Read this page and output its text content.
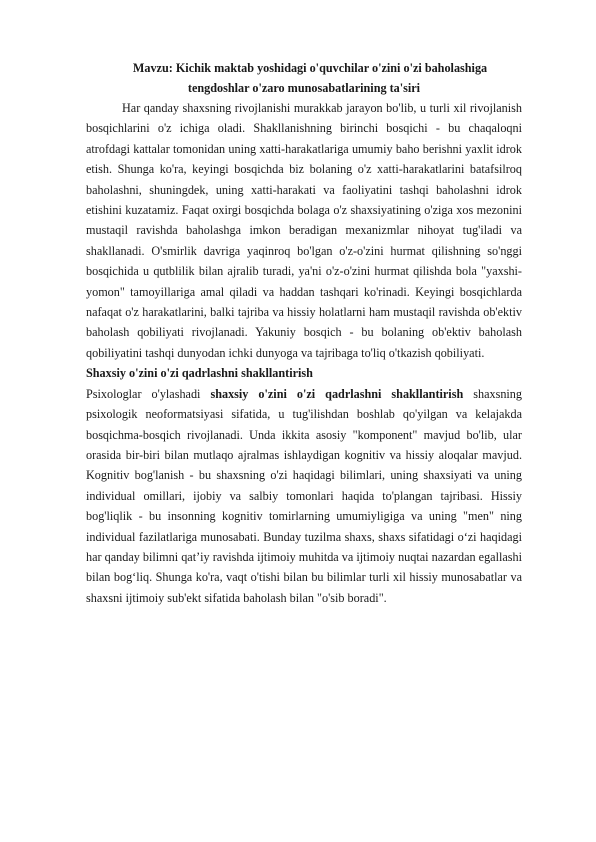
Mavzu: Kichik maktab yoshidagi o'quvchilar o'zini o'zi baholashiga
tengdoshlar o'zaro munosabatlarining ta'siri

Har qanday shaxsning rivojlanishi murakkab jarayon bo'lib, u turli xil rivojlanish bosqichlarini o'z ichiga oladi. Shakllanishning birinchi bosqichi - bu chaqaloqni atrofdagi kattalar tomonidan uning xatti-harakatlariga umumiy baho berishni yaxlit idrok etish. Shunga ko'ra, keyingi bosqichda biz bolaning o'z xatti-harakatlarini batafsilroq baholashni, shuningdek, uning xatti-harakati va faoliyatini tashqi baholashni idrok etishini kuzatamiz. Faqat oxirgi bosqichda bolaga o'z shaxsiyatining o'ziga xos mezonini mustaqil ravishda baholashga imkon beradigan mexanizmlar nihoyat tug'iladi va shakllanadi. O'smirlik davriga yaqinroq bo'lgan o'z-o'zini hurmat qilishning so'nggi bosqichida u qutblilik bilan ajralib turadi, ya'ni o'z-o'zini hurmat qilishda bola "yaxshi-yomon" tamoyillariga amal qiladi va haddan tashqari ko'rinadi. Keyingi bosqichlarda nafaqat o'z harakatlarini, balki tajriba va hissiy holatlarni ham mustaqil ravishda ob'ektiv baholash qobiliyati rivojlanadi. Yakuniy bosqich - bu bolaning ob'ektiv baholash qobiliyatini tashqi dunyodan ichki dunyoga va tajribaga to'liq o'tkazish qobiliyati.

Shaxsiy o'zini o'zi qadrlashni shakllantirish

Psixologlar o'ylashadi shaxsiy o'zini o'zi qadrlashni shakllantirish shaxsning psixologik neoformatsiyasi sifatida, u tug'ilishdan boshlab qo'yilgan va kelajakda bosqichma-bosqich rivojlanadi. Unda ikkita asosiy "komponent" mavjud bo'lib, ular orasida bir-biri bilan mutlaqo ajralmas ishlaydigan kognitiv va hissiy aloqalar mavjud. Kognitiv bog'lanish - bu shaxsning o'zi haqidagi bilimlari, uning shaxsiyati va uning individual omillari, ijobiy va salbiy tomonlari haqida to'plangan tajribasi. Hissiy bog'liqlik - bu insonning kognitiv tomirlarning umumiyligiga va uning "men" ning individual fazilatlariga munosabati. Bunday tuzilma shaxs, shaxs sifatidagi o‘zi haqidagi har qanday bilimni qat’iy ravishda ijtimoiy muhitda va ijtimoiy nuqtai nazardan egallashi bilan bog‘liq. Shunga ko'ra, vaqt o'tishi bilan bu bilimlar turli xil hissiy munosabatlar va shaxsni ijtimoiy sub'ekt sifatida baholash bilan "o'sib boradi".
